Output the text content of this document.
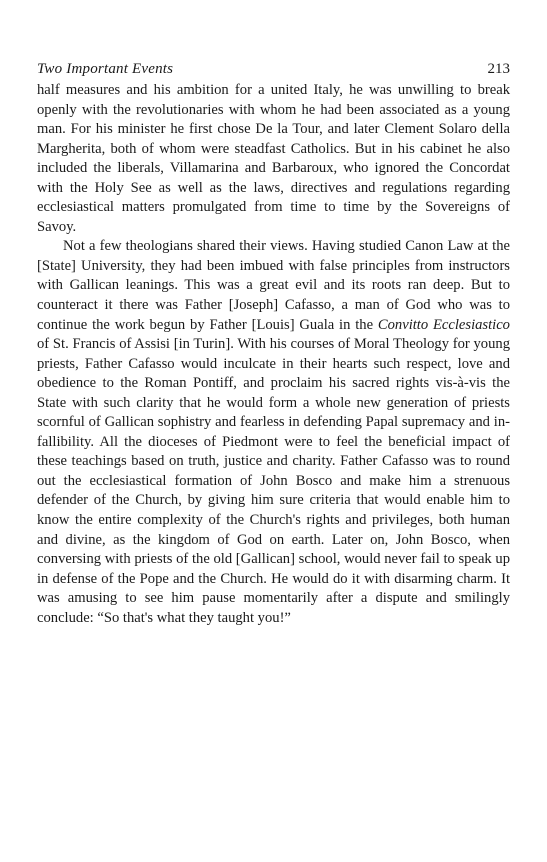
Two Important Events	213

half measures and his ambition for a united Italy, he was unwilling to break openly with the revolutionaries with whom he had been associated as a young man. For his minister he first chose De la Tour, and later Clement Solaro della Margherita, both of whom were steadfast Catholics. But in his cabinet he also included the liberals, Villamarina and Barbaroux, who ignored the Concordat with the Holy See as well as the laws, directives and regulations regarding ecclesiastical matters promulgated from time to time by the Sovereigns of Savoy.

Not a few theologians shared their views. Having studied Canon Law at the [State] University, they had been imbued with false principles from instructors with Gallican leanings. This was a great evil and its roots ran deep. But to counteract it there was Father [Joseph] Cafasso, a man of God who was to continue the work begun by Father [Louis] Guala in the Convitto Ecclesiastico of St. Francis of Assisi [in Turin]. With his courses of Moral Theology for young priests, Father Cafasso would inculcate in their hearts such respect, love and obedience to the Roman Pontiff, and proclaim his sacred rights vis-à-vis the State with such clarity that he would form a whole new generation of priests scornful of Gallican sophistry and fearless in defending Papal supremacy and infallibility. All the dioceses of Piedmont were to feel the beneficial impact of these teachings based on truth, justice and charity. Father Cafasso was to round out the ecclesiastical formation of John Bosco and make him a strenuous defender of the Church, by giving him sure criteria that would enable him to know the entire complexity of the Church's rights and privileges, both human and divine, as the kingdom of God on earth. Later on, John Bosco, when conversing with priests of the old [Gallican] school, would never fail to speak up in defense of the Pope and the Church. He would do it with disarming charm. It was amusing to see him pause momentarily after a dispute and smilingly conclude: “So that's what they taught you!”
